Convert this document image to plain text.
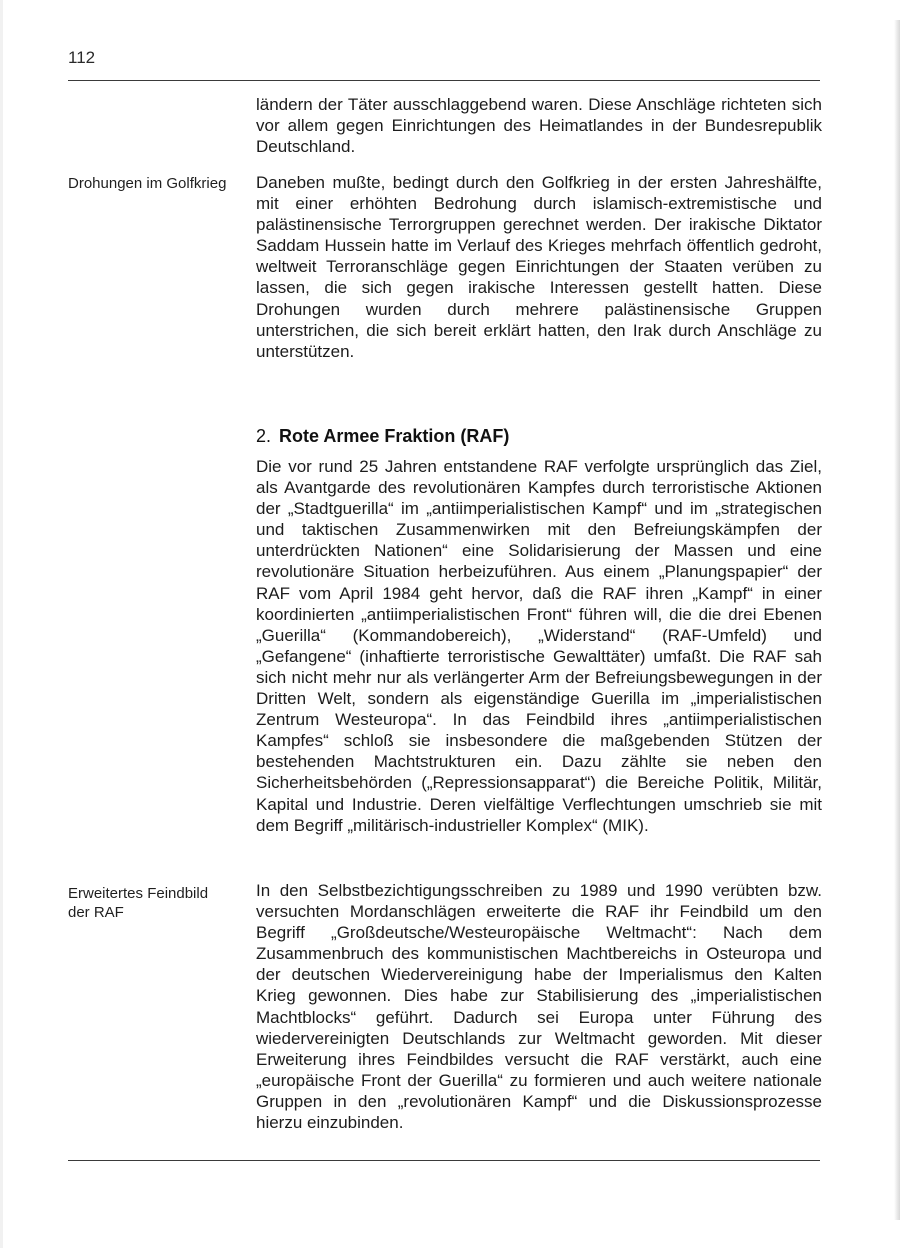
112
ländern der Täter ausschlaggebend waren. Diese Anschläge richteten sich vor allem gegen Einrichtungen des Heimatlandes in der Bundesrepublik Deutschland.
Drohungen im Golfkrieg Daneben mußte, bedingt durch den Golfkrieg in der ersten Jahreshälfte, mit einer erhöhten Bedrohung durch islamisch-extremistische und palästinensische Terrorgruppen gerechnet werden. Der irakische Diktator Saddam Hussein hatte im Verlauf des Krieges mehrfach öffentlich gedroht, weltweit Terroranschläge gegen Einrichtungen der Staaten verüben zu lassen, die sich gegen irakische Interessen gestellt hatten. Diese Drohungen wurden durch mehrere palästinensische Gruppen unterstrichen, die sich bereit erklärt hatten, den Irak durch Anschläge zu unterstützen.
2. Rote Armee Fraktion (RAF)
Die vor rund 25 Jahren entstandene RAF verfolgte ursprünglich das Ziel, als Avantgarde des revolutionären Kampfes durch terroristische Aktionen der „Stadtguerilla“ im „antiimperialistischen Kampf“ und im „strategischen und taktischen Zusammenwirken mit den Befreiungskämpfen der unterdrückten Nationen“ eine Solidarisierung der Massen und eine revolutionäre Situation herbeizuführen. Aus einem „Planungspapier“ der RAF vom April 1984 geht hervor, daß die RAF ihren „Kampf“ in einer koordinierten „antiimperialistischen Front“ führen will, die die drei Ebenen „Guerilla“ (Kommandobereich), „Widerstand“ (RAF-Umfeld) und „Gefangene“ (inhaftierte terroristische Gewalttäter) umfaßt. Die RAF sah sich nicht mehr nur als verlängerter Arm der Befreiungsbewegungen in der Dritten Welt, sondern als eigenständige Guerilla im „imperialistischen Zentrum Westeuropa“. In das Feindbild ihres „antiimperialistischen Kampfes“ schloß sie insbesondere die maßgebenden Stützen der bestehenden Machtstrukturen ein. Dazu zählte sie neben den Sicherheitsbehörden („Repressionsapparat“) die Bereiche Politik, Militär, Kapital und Industrie. Deren vielfältige Verflechtungen umschrieb sie mit dem Begriff „militärisch-industrieller Komplex“ (MIK).
Erweitertes Feindbild der RAF
In den Selbstbezichtigungsschreiben zu 1989 und 1990 verübten bzw. versuchten Mordanschlägen erweiterte die RAF ihr Feindbild um den Begriff „Großdeutsche/Westeuropäische Weltmacht“: Nach dem Zusammenbruch des kommunistischen Machtbereichs in Osteuropa und der deutschen Wiedervereinigung habe der Imperialismus den Kalten Krieg gewonnen. Dies habe zur Stabilisierung des „imperialistischen Machtblocks“ geführt. Dadurch sei Europa unter Führung des wiedervereinigten Deutschlands zur Weltmacht geworden. Mit dieser Erweiterung ihres Feindbildes versucht die RAF verstärkt, auch eine „europäische Front der Guerilla“ zu formieren und auch weitere nationale Gruppen in den „revolutionären Kampf“ und die Diskussionsprozesse hierzu einzubinden.
